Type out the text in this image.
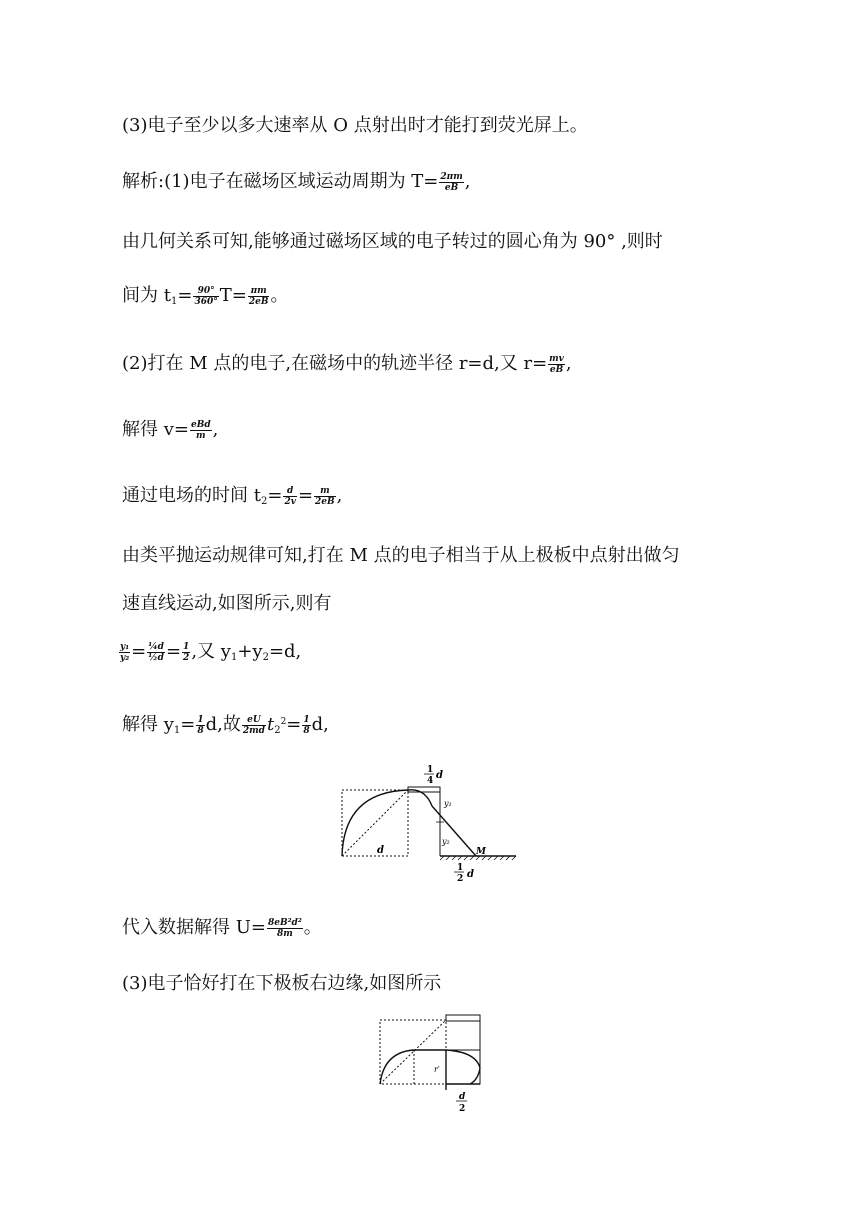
(3)电子至少以多大速率从 O 点射出时才能打到荧光屏上。
解析:(1)电子在磁场区域运动周期为 $T= \frac{2\pi m}{eB}$ ,
由几何关系可知,能够通过磁场区域的电子转过的圆心角为 90° ,则时
间为 $t_1= \frac{90^\circ}{360^\circ} T= \frac{\pi m}{2eB}$ 。
(2)打在 M 点的电子,在磁场中的轨迹半径 r=d,又 $r= \frac{mv}{eB}$ ,
解得 $v= \frac{\text{eBd}}{m}$ ,
通过电场的时间 $t_2= \frac{d}{2v} = \frac{m}{2eB}$ ,
由类平抛运动规律可知,打在 M 点的电子相当于从上极板中点射出做匀
速直线运动,如图所示,则有
$\frac{\text{y₁}}{\text{y₂}} = \frac{\text{¼d}}{\text{½d}} = \frac{1}{2}$ ,又 $y_1+y_2=d$,
解得 $y_1= \frac{1}{8} d$,故 $\frac{eU}{2md} t_2^2= \frac{1}{8} d$,
1
4 d
d
y₁
y₂
M
1
2 d
代入数据解得 $U= \frac{\text{8eB²d²}}{8m}$ 。
(3)电子恰好打在下极板右边缘,如图所示
r′
d
2
